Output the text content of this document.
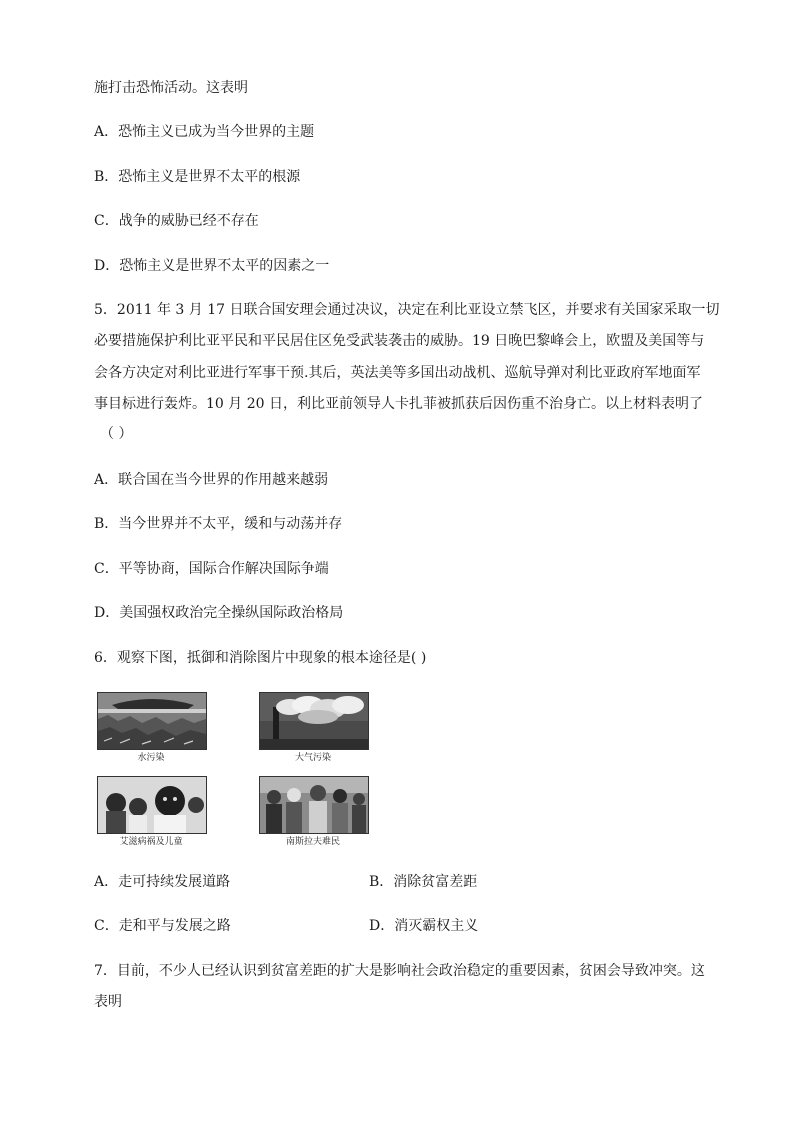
施打击恐怖活动。这表明
A．恐怖主义已成为当今世界的主题
B．恐怖主义是世界不太平的根源
C．战争的威胁已经不存在
D．恐怖主义是世界不太平的因素之一
5．2011 年 3 月 17 日联合国安理会通过决议，决定在利比亚设立禁飞区，并要求有关国家采取一切
必要措施保护利比亚平民和平民居住区免受武装袭击的威胁。19 日晚巴黎峰会上，欧盟及美国等与
会各方决定对利比亚进行军事干预.其后，英法美等多国出动战机、巡航导弹对利比亚政府军地面军
事目标进行轰炸。10 月 20 日，利比亚前领导人卡扎菲被抓获后因伤重不治身亡。以上材料表明了
（ ）
A．联合国在当今世界的作用越来越弱
B．当今世界并不太平，缓和与动荡并存
C．平等协商，国际合作解决国际争端
D．美国强权政治完全操纵国际政治格局
6．观察下图，抵御和消除图片中现象的根本途径是( )
水污染	大气污染
艾滋病祸及儿童	南斯拉夫难民
A．走可持续发展道路	B．消除贫富差距
C．走和平与发展之路	D．消灭霸权主义
7．目前，不少人已经认识到贫富差距的扩大是影响社会政治稳定的重要因素，贫困会导致冲突。这
表明
